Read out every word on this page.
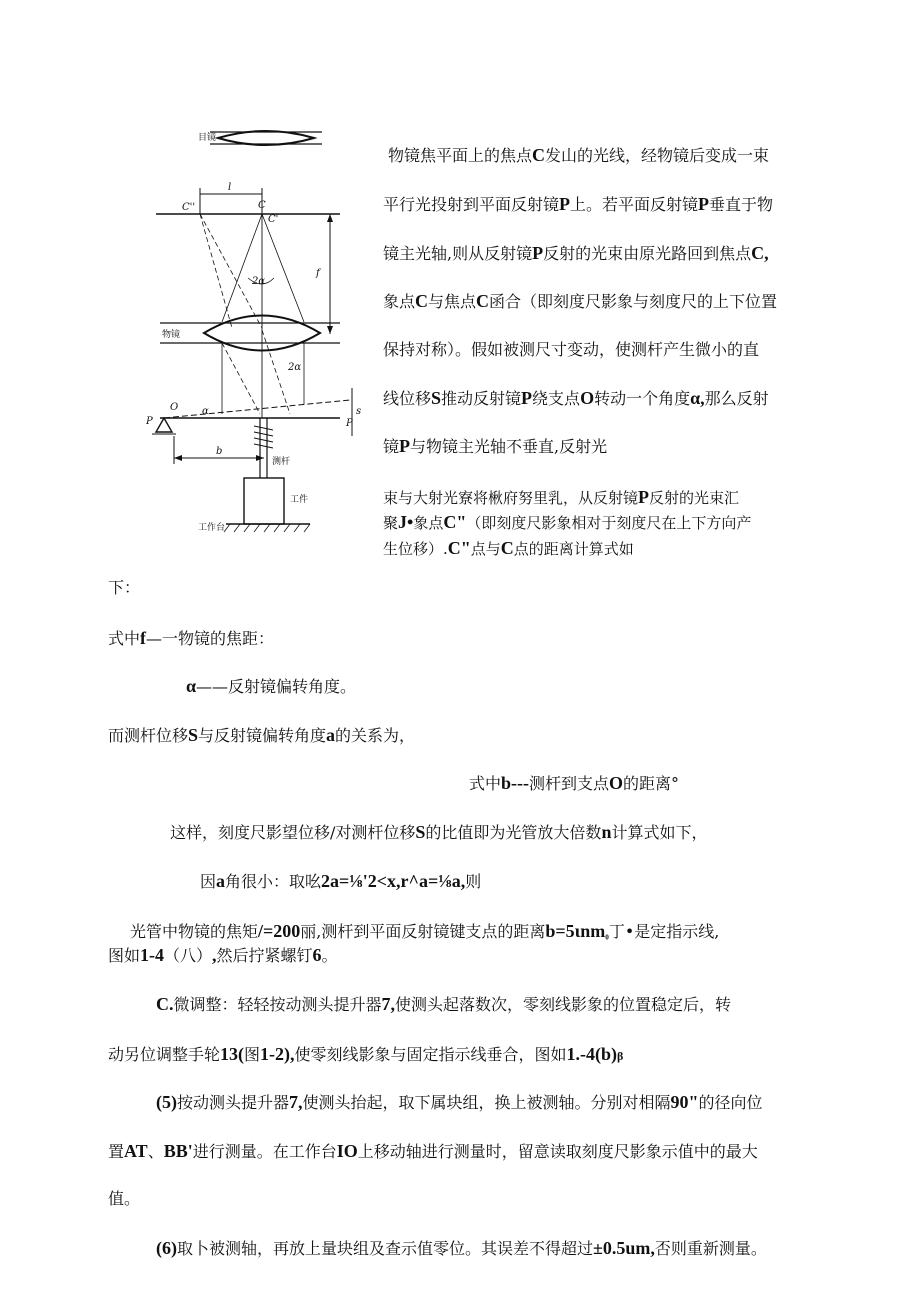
目镜
l
C''	C
C'
f
2α
物镜
2α
α
P	P
O	s
b
测杆
工件
工作台

物镜焦平面上的焦点C发山的光线，经物镜后变成一束

平行光投射到平面反射镜P上。若平面反射镜P垂直于物

镜主光轴,则从反射镜P反射的光束由原光路回到焦点C,

象点C与焦点C函合（即刻度尺影象与刻度尺的上下位置

保持对称）。假如被测尺寸变动，使测杆产生微小的直

线位移S推动反射镜P绕支点O转动一个角度α,那么反射

镜P与物镜主光轴不垂直,反射光

束与大射光寮将楸府努里乳，从反射镜P反射的光束汇

聚J•象点C"（即刻度尺影象相对于刻度尺在上下方向产

生位移）.C"点与C点的距离计算式如

下：

式中f—一物镜的焦距：

α——反射镜偏转角度。

而测杆位移S与反射镜偏转角度a的关系为，

式中b---测杆到支点O的距离°

这样，刻度尺影望位移/对测杆位移S的比值即为光管放大倍数n计算式如下，

因a角很小：取吆2a=⅛'2<x,r^a=⅛a,则

光管中物镜的焦矩/=200丽,测杆到平面反射镜键支点的距离b=5ιnm₀丁•是定指示线,

图如1-4（八）,然后拧紧螺钉6。

C.微调整：轻轻按动测头提升器7,使测头起落数次，零刻线影象的位置稳定后，转

动另位调整手轮13(图1-2),使零刻线影象与固定指示线垂合，图如1.-4(b)β

(5)按动测头提升器7,使测头抬起，取下属块组，换上被测轴。分别对相隔90"的径向位

置AT、BB'进行测量。在工作台IO上移动轴进行测量时，留意读取刻度尺影象示值中的最大

值。

(6)取卜被测轴，再放上量块组及查示值零位。其误差不得超过±0.5um,否则重新测量。
